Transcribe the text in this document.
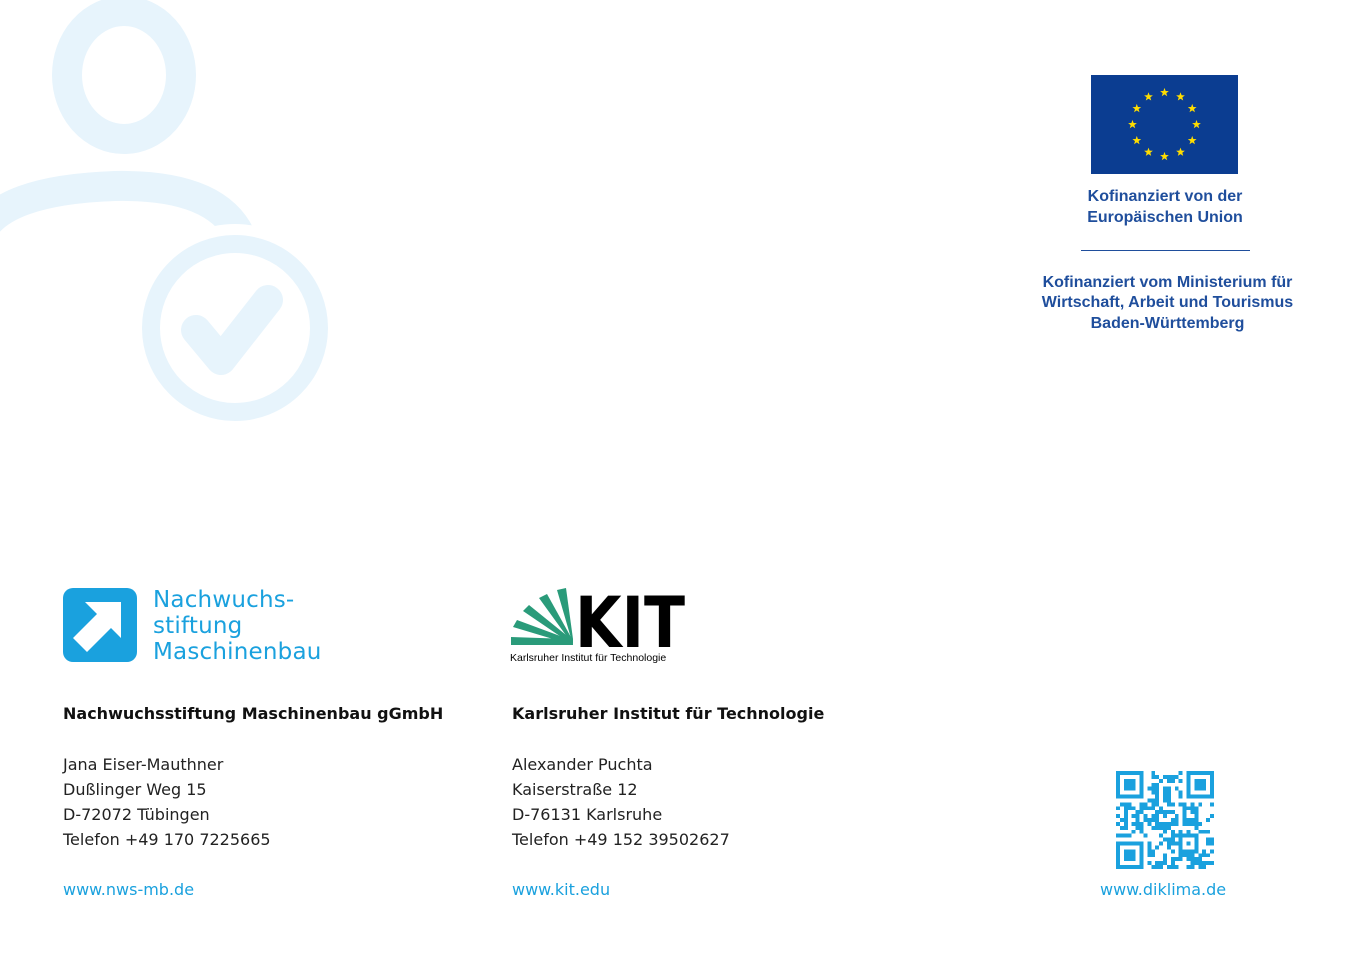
Kofinanziert von der
Europäischen Union
Kofinanziert vom Ministerium für
Wirtschaft, Arbeit und Tourismus
Baden-Württemberg
Nachwuchs-
stiftung
Maschinenbau	KIT
Karlsruher Institut für Technologie
Nachwuchsstiftung Maschinenbau gGmbH
Jana Eiser-Mauthner
Dußlinger Weg 15
D-72072 Tübingen
Telefon +49 170 7225665
www.nws-mb.de
Karlsruher Institut für Technologie
Alexander Puchta
Kaiserstraße 12
D-76131 Karlsruhe
Telefon +49 152 39502627
www.kit.edu	www.diklima.de
